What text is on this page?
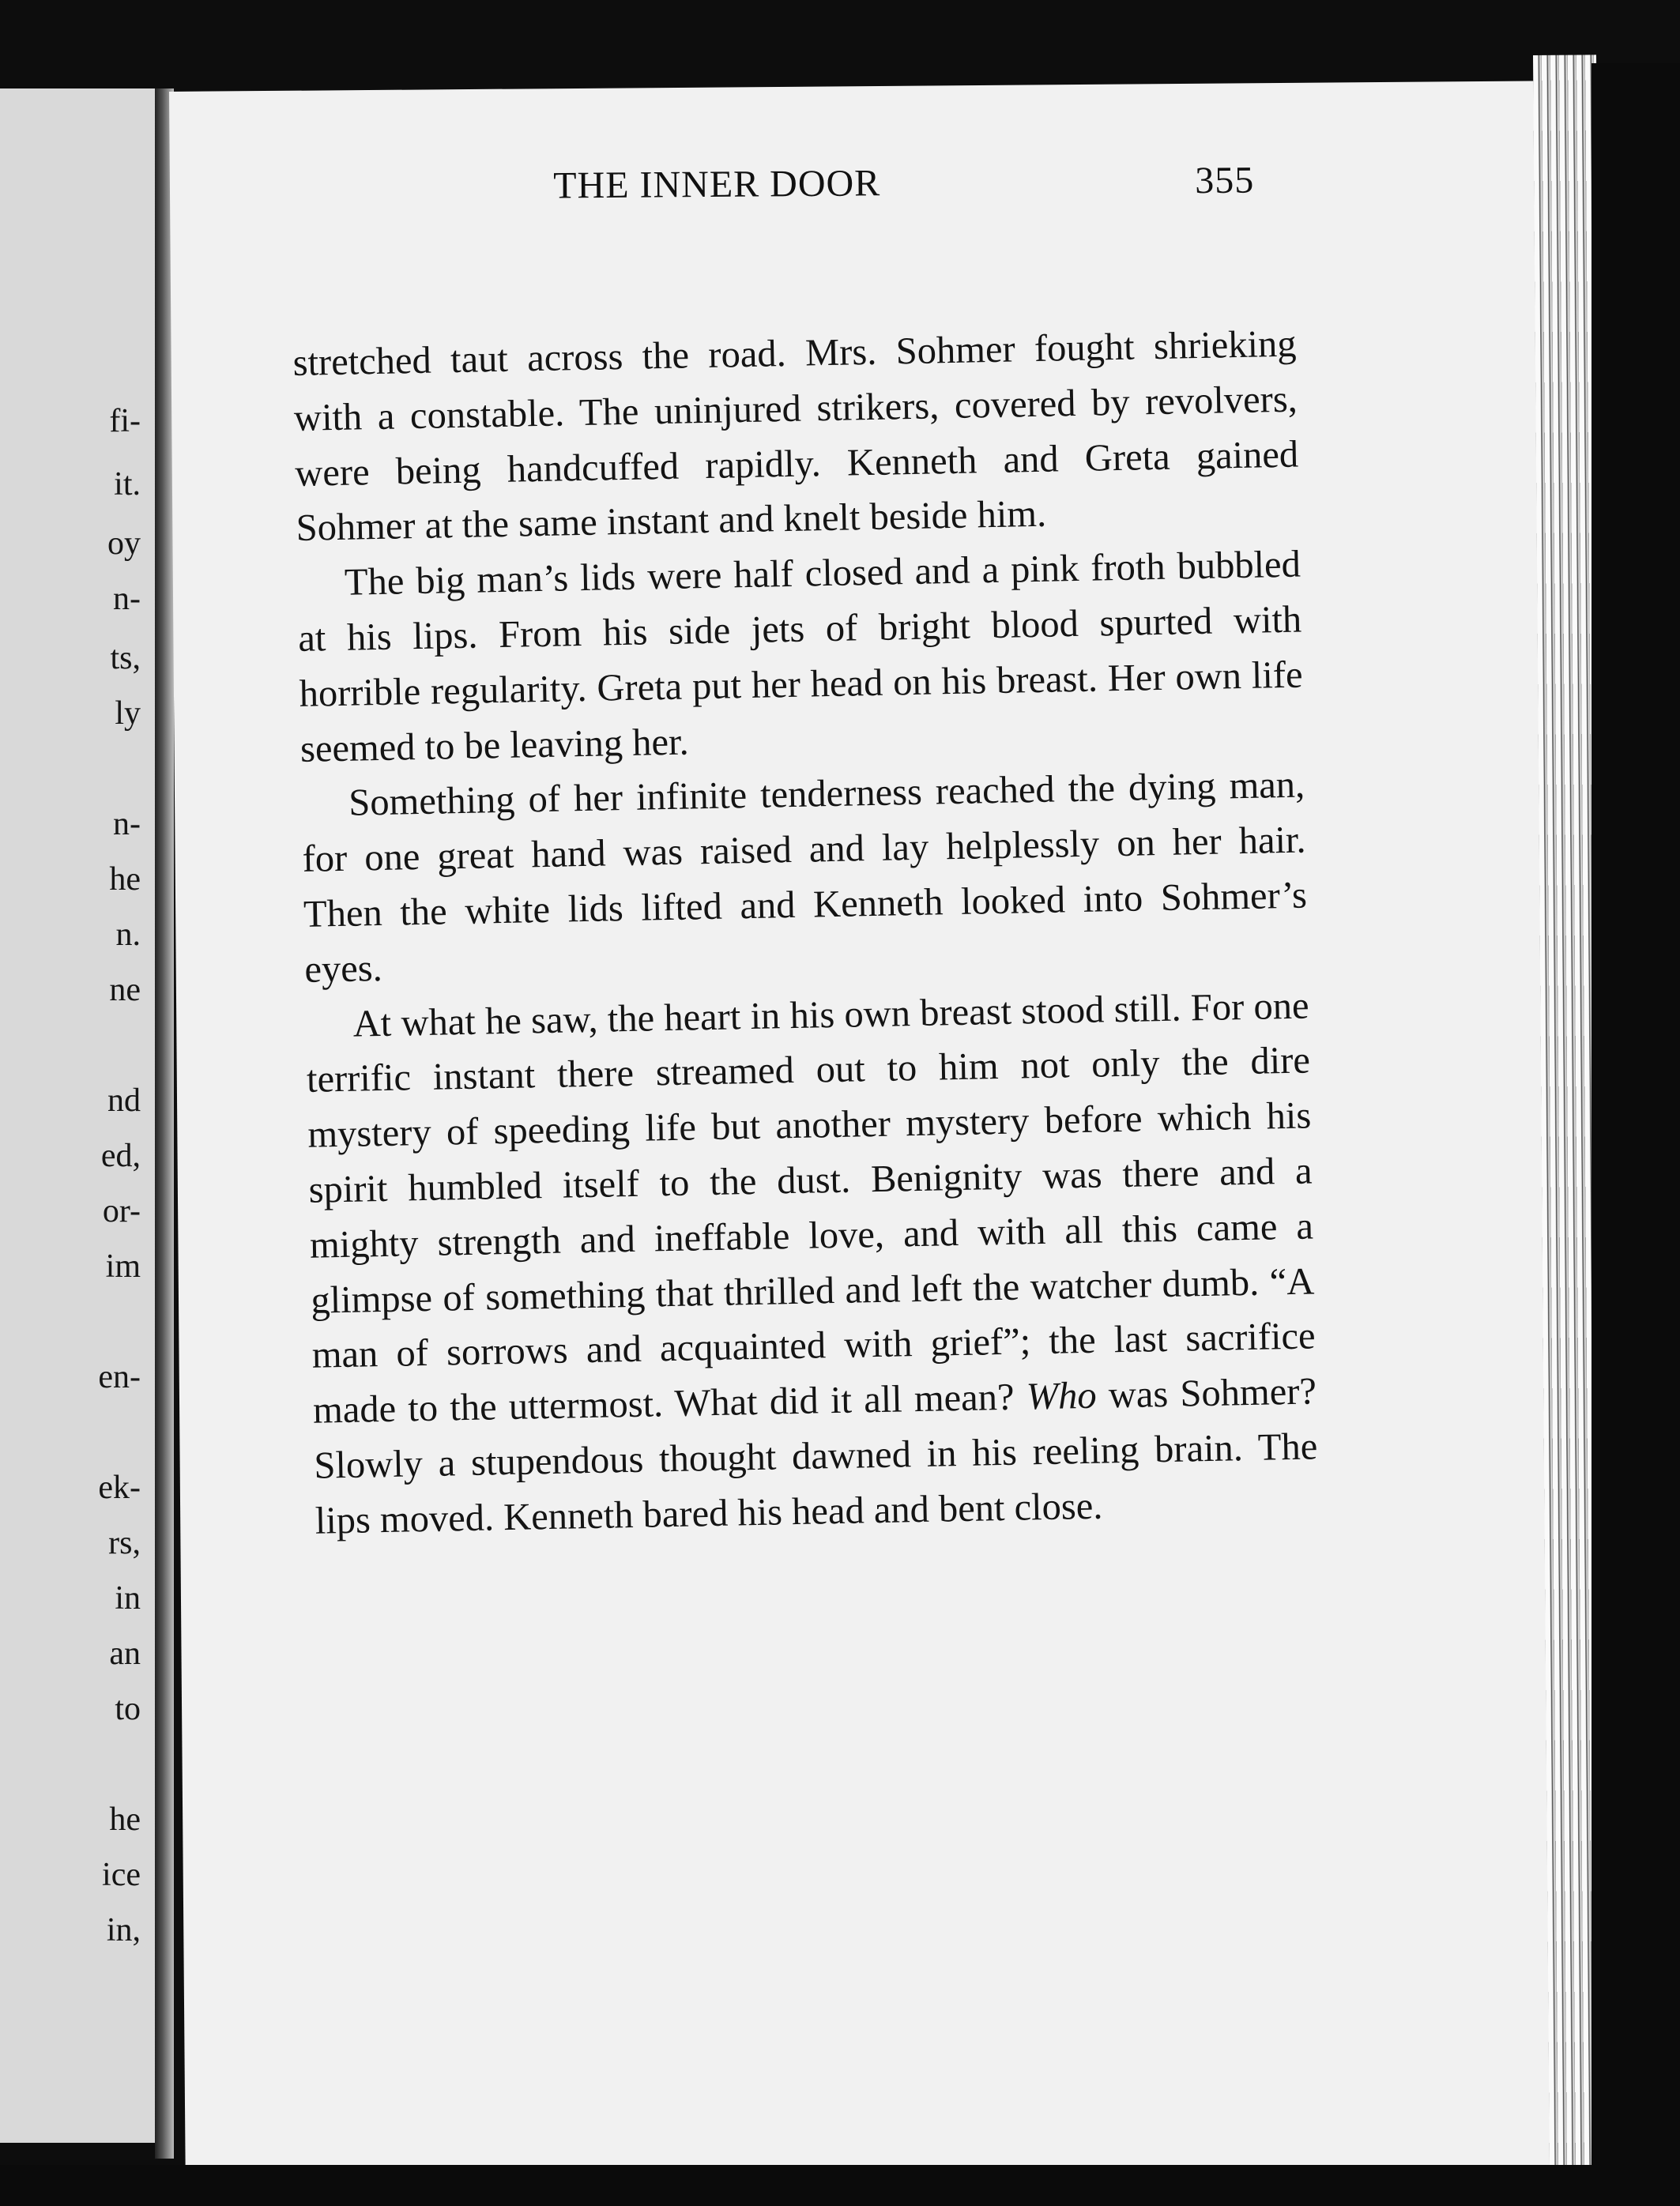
fi-
it.
oy
n-
ts,
ly
n-
he
n.
ne
nd
ed,
or-
im
en-
ek-
rs,
in
an
to
he
ice
in,
THE INNER DOOR	355

stretched taut across the road. Mrs. Sohmer fought shrieking with a constable. The uninjured strikers, covered by revolvers, were being handcuffed rapidly. Kenneth and Greta gained Sohmer at the same instant and knelt beside him.

The big man’s lids were half closed and a pink froth bubbled at his lips. From his side jets of bright blood spurted with horrible regularity. Greta put her head on his breast. Her own life seemed to be leaving her.

Something of her infinite tenderness reached the dying man, for one great hand was raised and lay helplessly on her hair. Then the white lids lifted and Kenneth looked into Sohmer’s eyes.

At what he saw, the heart in his own breast stood still. For one terrific instant there streamed out to him not only the dire mystery of speeding life but another mystery before which his spirit humbled itself to the dust. Benignity was there and a mighty strength and ineffable love, and with all this came a glimpse of something that thrilled and left the watcher dumb. “A man of sorrows and acquainted with grief”; the last sacrifice made to the uttermost. What did it all mean? Who was Sohmer? Slowly a stupendous thought dawned in his reeling brain. The lips moved. Kenneth bared his head and bent close.
